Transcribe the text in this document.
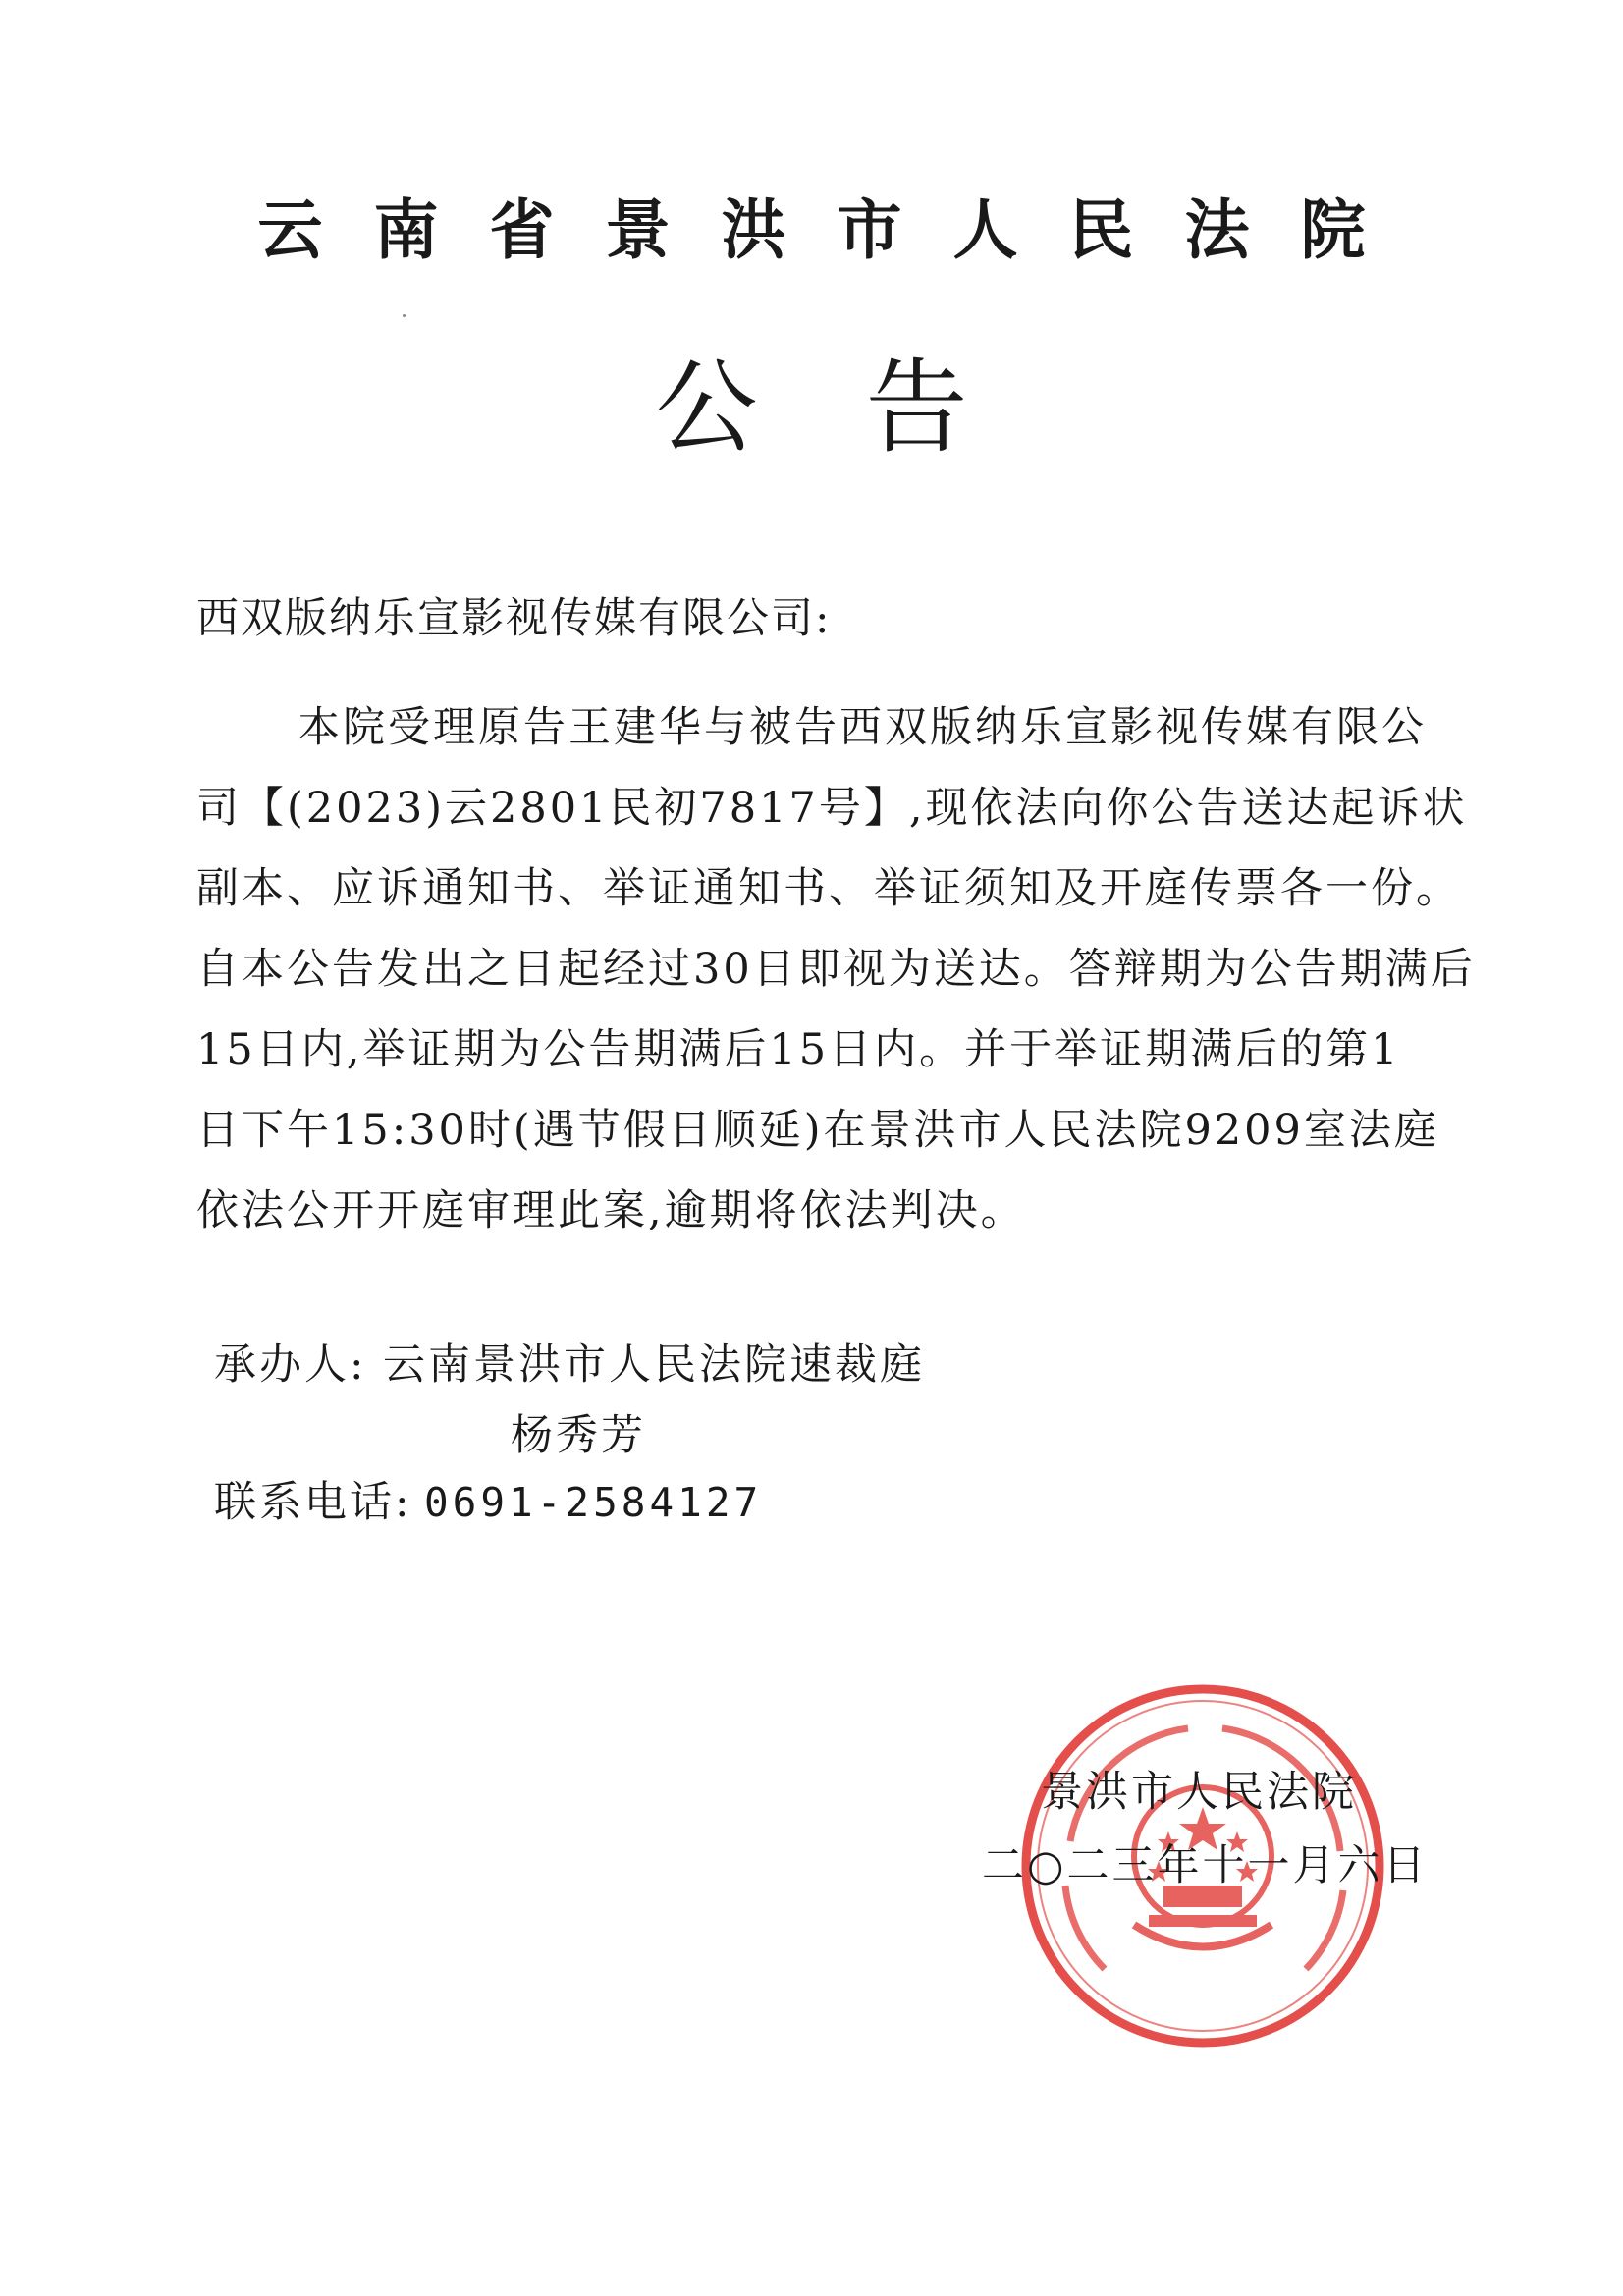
云南省景洪市人民法院
公告
西双版纳乐宣影视传媒有限公司:
本院受理原告王建华与被告西双版纳乐宣影视传媒有限公
司【(2023)云2801民初7817号】,现依法向你公告送达起诉状
副本、应诉通知书、举证通知书、举证须知及开庭传票各一份。
自本公告发出之日起经过30日即视为送达。答辩期为公告期满后
15日内,举证期为公告期满后15日内。并于举证期满后的第1
日下午15:30时(遇节假日顺延)在景洪市人民法院9209室法庭
依法公开开庭审理此案,逾期将依法判决。
承办人: 云南景洪市人民法院速裁庭
杨秀芳
联系电话: 0691-2584127
景洪市人民法院
二○二三年十一月六日
